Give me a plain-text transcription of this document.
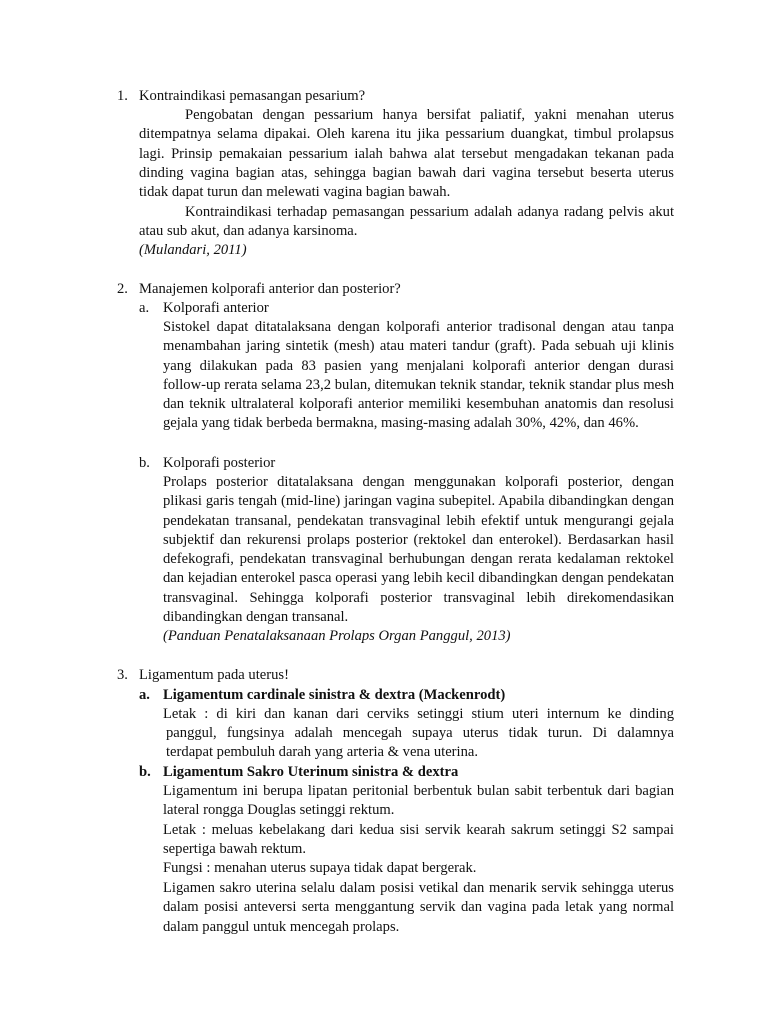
1. Kontraindikasi pemasangan pesarium?
Pengobatan dengan pessarium hanya bersifat paliatif, yakni menahan uterus ditempatnya selama dipakai. Oleh karena itu jika pessarium duangkat, timbul prolapsus lagi. Prinsip pemakaian pessarium ialah bahwa alat tersebut mengadakan tekanan pada dinding vagina bagian atas, sehingga bagian bawah dari vagina tersebut beserta uterus tidak dapat turun dan melewati vagina bagian bawah.
Kontraindikasi terhadap pemasangan pessarium adalah adanya radang pelvis akut atau sub akut, dan adanya karsinoma.
(Mulandari, 2011)
2. Manajemen kolporafi anterior dan posterior?
a. Kolporafi anterior
Sistokel dapat ditatalaksana dengan kolporafi anterior tradisonal dengan atau tanpa menambahan jaring sintetik (mesh) atau materi tandur (graft). Pada sebuah uji klinis yang dilakukan pada 83 pasien yang menjalani kolporafi anterior dengan durasi follow-up rerata selama 23,2 bulan, ditemukan teknik standar, teknik standar plus mesh dan teknik ultralateral kolporafi anterior memiliki kesembuhan anatomis dan resolusi gejala yang tidak berbeda bermakna, masing-masing adalah 30%, 42%, dan 46%.
b. Kolporafi posterior
Prolaps posterior ditatalaksana dengan menggunakan kolporafi posterior, dengan plikasi garis tengah (mid-line) jaringan vagina subepitel. Apabila dibandingkan dengan pendekatan transanal, pendekatan transvaginal lebih efektif untuk mengurangi gejala subjektif dan rekurensi prolaps posterior (rektokel dan enterokel). Berdasarkan hasil defekografi, pendekatan transvaginal berhubungan dengan rerata kedalaman rektokel dan kejadian enterokel pasca operasi yang lebih kecil dibandingkan dengan pendekatan transvaginal. Sehingga kolporafi posterior transvaginal lebih direkomendasikan dibandingkan dengan transanal.
(Panduan Penatalaksanaan Prolaps Organ Panggul, 2013)
3. Ligamentum pada uterus!
a. Ligamentum cardinale sinistra & dextra (Mackenrodt)
Letak : di kiri dan kanan dari cerviks setinggi stium uteri internum ke dinding
panggul, fungsinya adalah mencegah supaya uterus tidak turun. Di dalamnya
terdapat pembuluh darah yang arteria & vena uterina.
b. Ligamentum Sakro Uterinum sinistra & dextra
Ligamentum ini berupa lipatan peritonial berbentuk bulan sabit terbentuk dari bagian lateral rongga Douglas setinggi rektum.
Letak : meluas kebelakang dari kedua sisi servik kearah sakrum setinggi S2 sampai sepertiga bawah rektum.
Fungsi : menahan uterus supaya tidak dapat bergerak.
Ligamen sakro uterina selalu dalam posisi vetikal dan menarik servik sehingga uterus dalam posisi anteversi serta menggantung servik dan vagina pada letak yang normal dalam panggul untuk mencegah prolaps.
